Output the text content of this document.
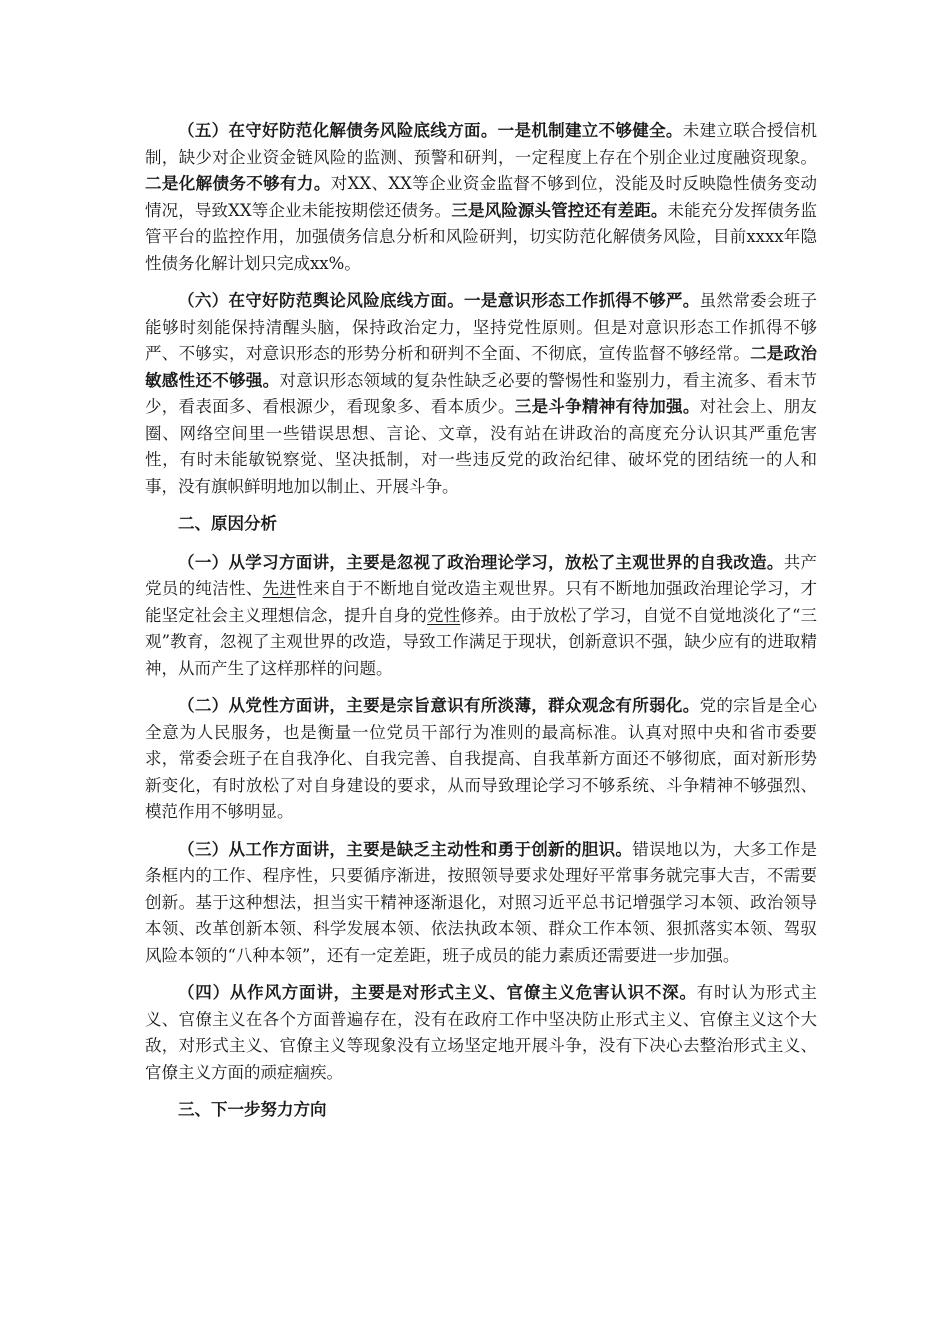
（五）在守好防范化解债务风险底线方面。一是机制建立不够健全。未建立联合授信机制，缺少对企业资金链风险的监测、预警和研判，一定程度上存在个别企业过度融资现象。二是化解债务不够有力。对XX、XX等企业资金监督不够到位，没能及时反映隐性债务变动情况，导致XX等企业未能按期偿还债务。三是风险源头管控还有差距。未能充分发挥债务监管平台的监控作用，加强债务信息分析和风险研判，切实防范化解债务风险，目前xxxx年隐性债务化解计划只完成xx%。

（六）在守好防范舆论风险底线方面。一是意识形态工作抓得不够严。虽然常委会班子能够时刻能保持清醒头脑，保持政治定力，坚持党性原则。但是对意识形态工作抓得不够严、不够实，对意识形态的形势分析和研判不全面、不彻底，宣传监督不够经常。二是政治敏感性还不够强。对意识形态领域的复杂性缺乏必要的警惕性和鉴别力，看主流多、看末节少，看表面多、看根源少，看现象多、看本质少。三是斗争精神有待加强。对社会上、朋友圈、网络空间里一些错误思想、言论、文章，没有站在讲政治的高度充分认识其严重危害性，有时未能敏锐察觉、坚决抵制，对一些违反党的政治纪律、破坏党的团结统一的人和事，没有旗帜鲜明地加以制止、开展斗争。

二、原因分析

（一）从学习方面讲，主要是忽视了政治理论学习，放松了主观世界的自我改造。共产党员的纯洁性、先进性来自于不断地自觉改造主观世界。只有不断地加强政治理论学习，才能坚定社会主义理想信念，提升自身的党性修养。由于放松了学习，自觉不自觉地淡化了“三观”教育，忽视了主观世界的改造，导致工作满足于现状，创新意识不强，缺少应有的进取精神，从而产生了这样那样的问题。

（二）从党性方面讲，主要是宗旨意识有所淡薄，群众观念有所弱化。党的宗旨是全心全意为人民服务，也是衡量一位党员干部行为准则的最高标准。认真对照中央和省市委要求，常委会班子在自我净化、自我完善、自我提高、自我革新方面还不够彻底，面对新形势新变化，有时放松了对自身建设的要求，从而导致理论学习不够系统、斗争精神不够强烈、模范作用不够明显。

（三）从工作方面讲，主要是缺乏主动性和勇于创新的胆识。错误地以为，大多工作是条框内的工作、程序性，只要循序渐进，按照领导要求处理好平常事务就完事大吉，不需要创新。基于这种想法，担当实干精神逐渐退化，对照习近平总书记增强学习本领、政治领导本领、改革创新本领、科学发展本领、依法执政本领、群众工作本领、狠抓落实本领、驾驭风险本领的“八种本领”，还有一定差距，班子成员的能力素质还需要进一步加强。

（四）从作风方面讲，主要是对形式主义、官僚主义危害认识不深。有时认为形式主义、官僚主义在各个方面普遍存在，没有在政府工作中坚决防止形式主义、官僚主义这个大敌，对形式主义、官僚主义等现象没有立场坚定地开展斗争，没有下决心去整治形式主义、官僚主义方面的顽症痼疾。

三、下一步努力方向
